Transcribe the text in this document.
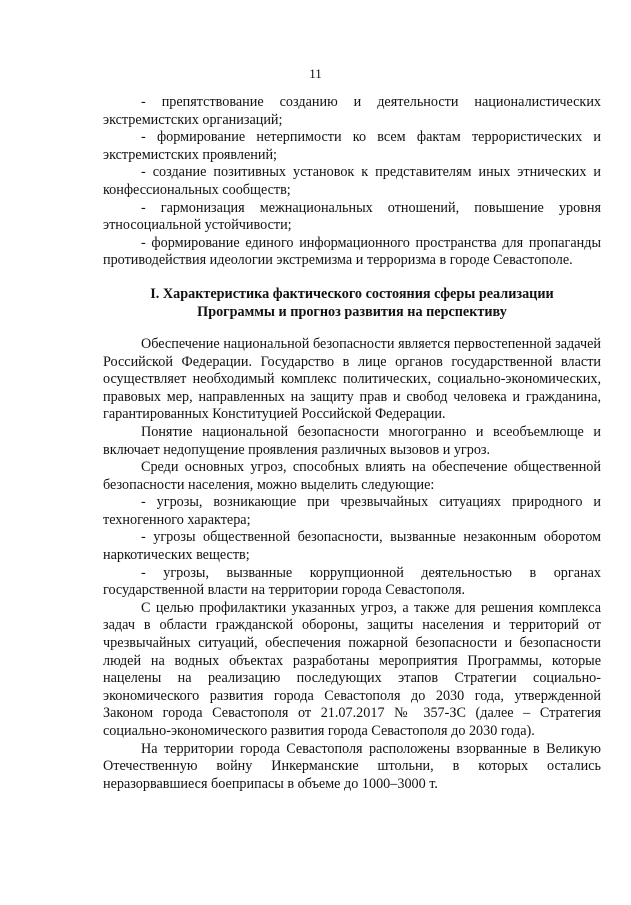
11

- препятствование созданию и деятельности националистических экстремистских организаций;

- формирование нетерпимости ко всем фактам террористических и экстремистских проявлений;

- создание позитивных установок к представителям иных этнических и конфессиональных сообществ;

- гармонизация межнациональных отношений, повышение уровня этносоциальной устойчивости;

- формирование единого информационного пространства для пропаганды противодействия идеологии экстремизма и терроризма в городе Севастополе.

I. Характеристика фактического состояния сферы реализации
Программы и прогноз развития на перспективу

Обеспечение национальной безопасности является первостепенной задачей Российской Федерации. Государство в лице органов государственной власти осуществляет необходимый комплекс политических, социально-экономических, правовых мер, направленных на защиту прав и свобод человека и гражданина, гарантированных Конституцией Российской Федерации.

Понятие национальной безопасности многогранно и всеобъемлюще и включает недопущение проявления различных вызовов и угроз.

Среди основных угроз, способных влиять на обеспечение общественной безопасности населения, можно выделить следующие:

- угрозы, возникающие при чрезвычайных ситуациях природного и техногенного характера;

- угрозы общественной безопасности, вызванные незаконным оборотом наркотических веществ;

- угрозы, вызванные коррупционной деятельностью в органах государственной власти на территории города Севастополя.

С целью профилактики указанных угроз, а также для решения комплекса задач в области гражданской обороны, защиты населения и территорий от чрезвычайных ситуаций, обеспечения пожарной безопасности и безопасности людей на водных объектах разработаны мероприятия Программы, которые нацелены на реализацию последующих этапов Стратегии социально-экономического развития города Севастополя до 2030 года, утвержденной Законом города Севастополя от 21.07.2017 № 357-ЗС (далее – Стратегия социально-экономического развития города Севастополя до 2030 года).

На территории города Севастополя расположены взорванные в Великую Отечественную войну Инкерманские штольни, в которых остались неразорвавшиеся боеприпасы в объеме до 1000–3000 т.
